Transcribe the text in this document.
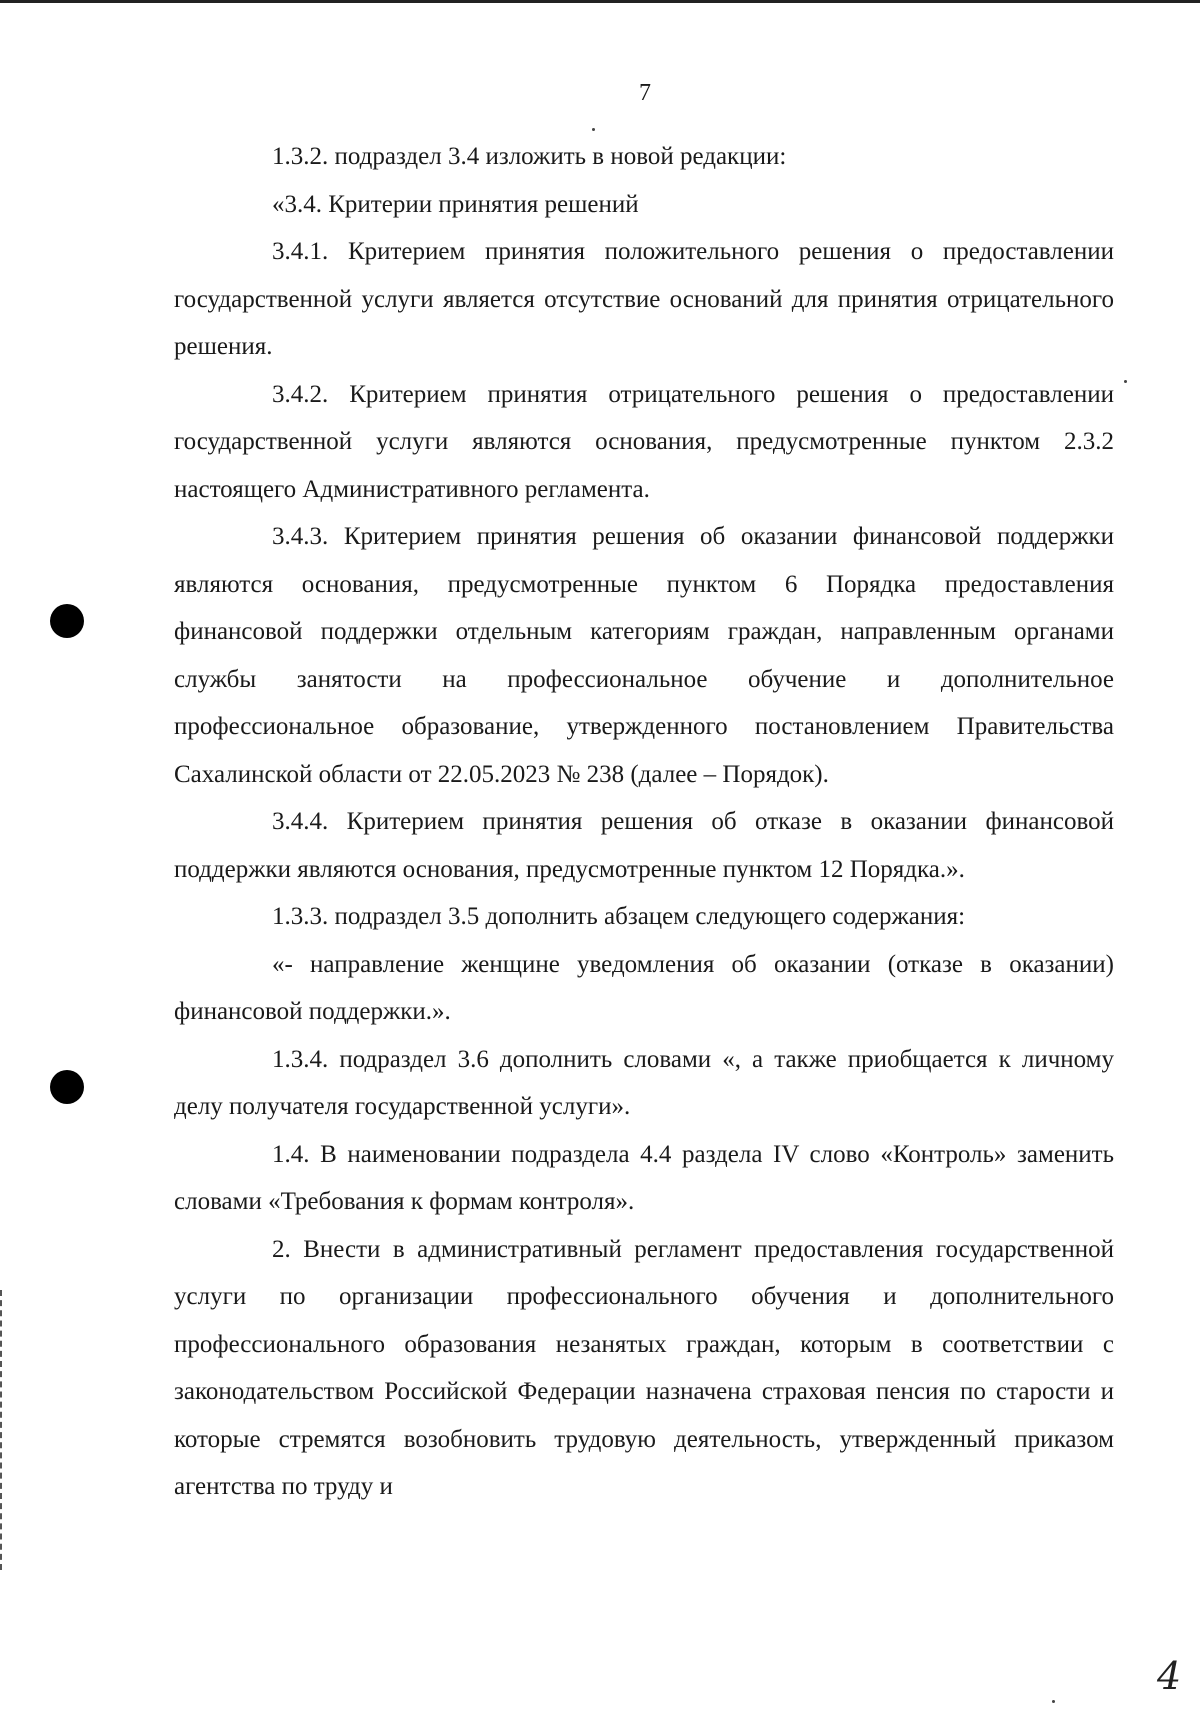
7

1.3.2. подраздел 3.4 изложить в новой редакции:

«3.4. Критерии принятия решений

3.4.1. Критерием принятия положительного решения о предоставлении государственной услуги является отсутствие оснований для принятия отрицательного решения.

3.4.2. Критерием принятия отрицательного решения о предоставлении государственной услуги являются основания, предусмотренные пунктом 2.3.2 настоящего Административного регламента.

3.4.3. Критерием принятия решения об оказании финансовой поддержки являются основания, предусмотренные пунктом 6 Порядка предоставления финансовой поддержки отдельным категориям граждан, направленным органами службы занятости на профессиональное обучение и дополнительное профессиональное образование, утвержденного постановлением Правительства Сахалинской области от 22.05.2023 № 238 (далее – Порядок).

3.4.4. Критерием принятия решения об отказе в оказании финансовой поддержки являются основания, предусмотренные пунктом 12 Порядка.».

1.3.3. подраздел 3.5 дополнить абзацем следующего содержания:

«- направление женщине уведомления об оказании (отказе в оказании) финансовой поддержки.».

1.3.4. подраздел 3.6 дополнить словами «, а также приобщается к личному делу получателя государственной услуги».

1.4. В наименовании подраздела 4.4 раздела IV слово «Контроль» заменить словами «Требования к формам контроля».

2. Внести в административный регламент предоставления государственной услуги по организации профессионального обучения и дополнительного профессионального образования незанятых граждан, которым в соответствии с законодательством Российской Федерации назначена страховая пенсия по старости и которые стремятся возобновить трудовую деятельность, утвержденный приказом агентства по труду и

4
